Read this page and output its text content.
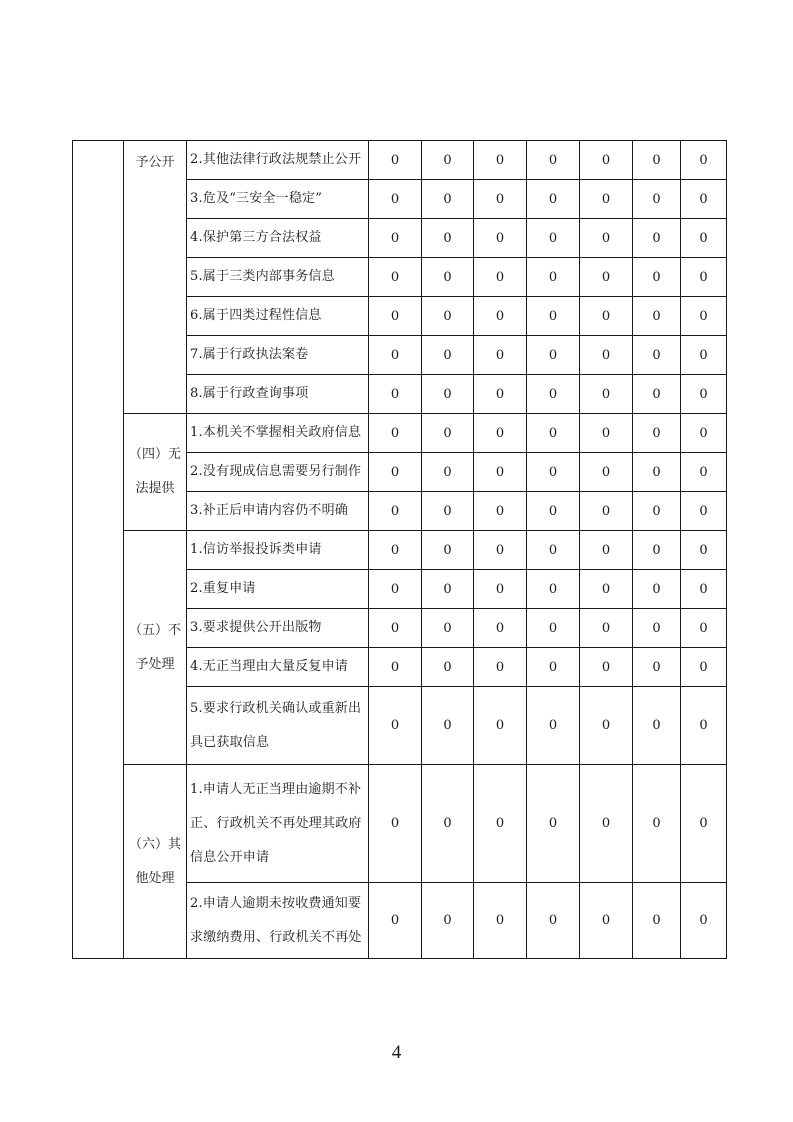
	予公开	2.其他法律行政法规禁止公开	0	0	0	0	0	0	0
		3.危及“三安全一稳定”	0	0	0	0	0	0	0
		4.保护第三方合法权益	0	0	0	0	0	0	0
		5.属于三类内部事务信息	0	0	0	0	0	0	0
		6.属于四类过程性信息	0	0	0	0	0	0	0
		7.属于行政执法案卷	0	0	0	0	0	0	0
		8.属于行政查询事项	0	0	0	0	0	0	0
	（四）无法提供	1.本机关不掌握相关政府信息	0	0	0	0	0	0	0
		2.没有现成信息需要另行制作	0	0	0	0	0	0	0
		3.补正后申请内容仍不明确	0	0	0	0	0	0	0
	（五）不予处理	1.信访举报投诉类申请	0	0	0	0	0	0	0
		2.重复申请	0	0	0	0	0	0	0
		3.要求提供公开出版物	0	0	0	0	0	0	0
		4.无正当理由大量反复申请	0	0	0	0	0	0	0
		5.要求行政机关确认或重新出具已获取信息	0	0	0	0	0	0	0
	（六）其他处理	1.申请人无正当理由逾期不补正、行政机关不再处理其政府信息公开申请	0	0	0	0	0	0	0
		2.申请人逾期未按收费通知要求缴纳费用、行政机关不再处	0	0	0	0	0	0	0
4
